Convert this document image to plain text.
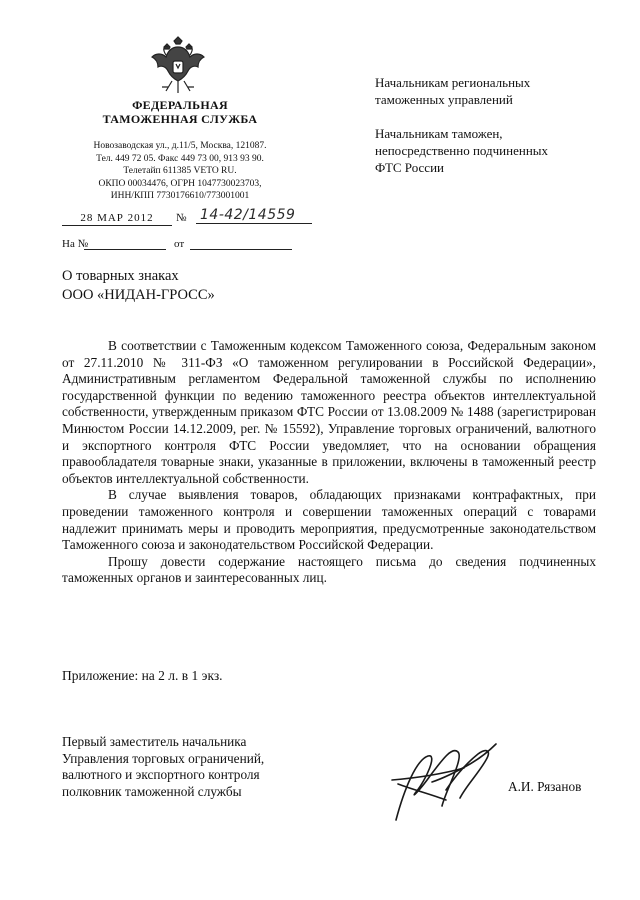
ФЕДЕРАЛЬНАЯ
ТАМОЖЕННАЯ СЛУЖБА
Новозаводская ул., д.11/5, Москва, 121087.
Тел. 449 72 05. Факс 449 73 00, 913 93 90.
Телетайп 611385 VETO RU.
ОКПО 00034476, ОГРН 1047730023703,
ИНН/КПП 7730176610/773001001
28 МАР 2012	№ 14-42/14559
На №	от
Начальникам региональных
таможенных управлений
Начальникам таможен,
непосредственно подчиненных
ФТС России
О товарных знаках
ООО «НИДАН-ГРОСС»

В соответствии с Таможенным кодексом Таможенного союза, Федеральным законом от 27.11.2010 № 311-ФЗ «О таможенном регулировании в Российской Федерации», Административным регламентом Федеральной таможенной службы по исполнению государственной функции по ведению таможенного реестра объектов интеллектуальной собственности, утвержденным приказом ФТС России от 13.08.2009 № 1488 (зарегистрирован Минюстом России 14.12.2009, рег. № 15592), Управление торговых ограничений, валютного и экспортного контроля ФТС России уведомляет, что на основании обращения правообладателя товарные знаки, указанные в приложении, включены в таможенный реестр объектов интеллектуальной собственности.

В случае выявления товаров, обладающих признаками контрафактных, при проведении таможенного контроля и совершении таможенных операций с товарами надлежит принимать меры и проводить мероприятия, предусмотренные законодательством Таможенного союза и законодательством Российской Федерации.

Прошу довести содержание настоящего письма до сведения подчиненных таможенных органов и заинтересованных лиц.

Приложение: на 2 л. в 1 экз.
Первый заместитель начальника
Управления торговых ограничений,
валютного и экспортного контроля
полковник таможенной службы	А.И. Рязанов
